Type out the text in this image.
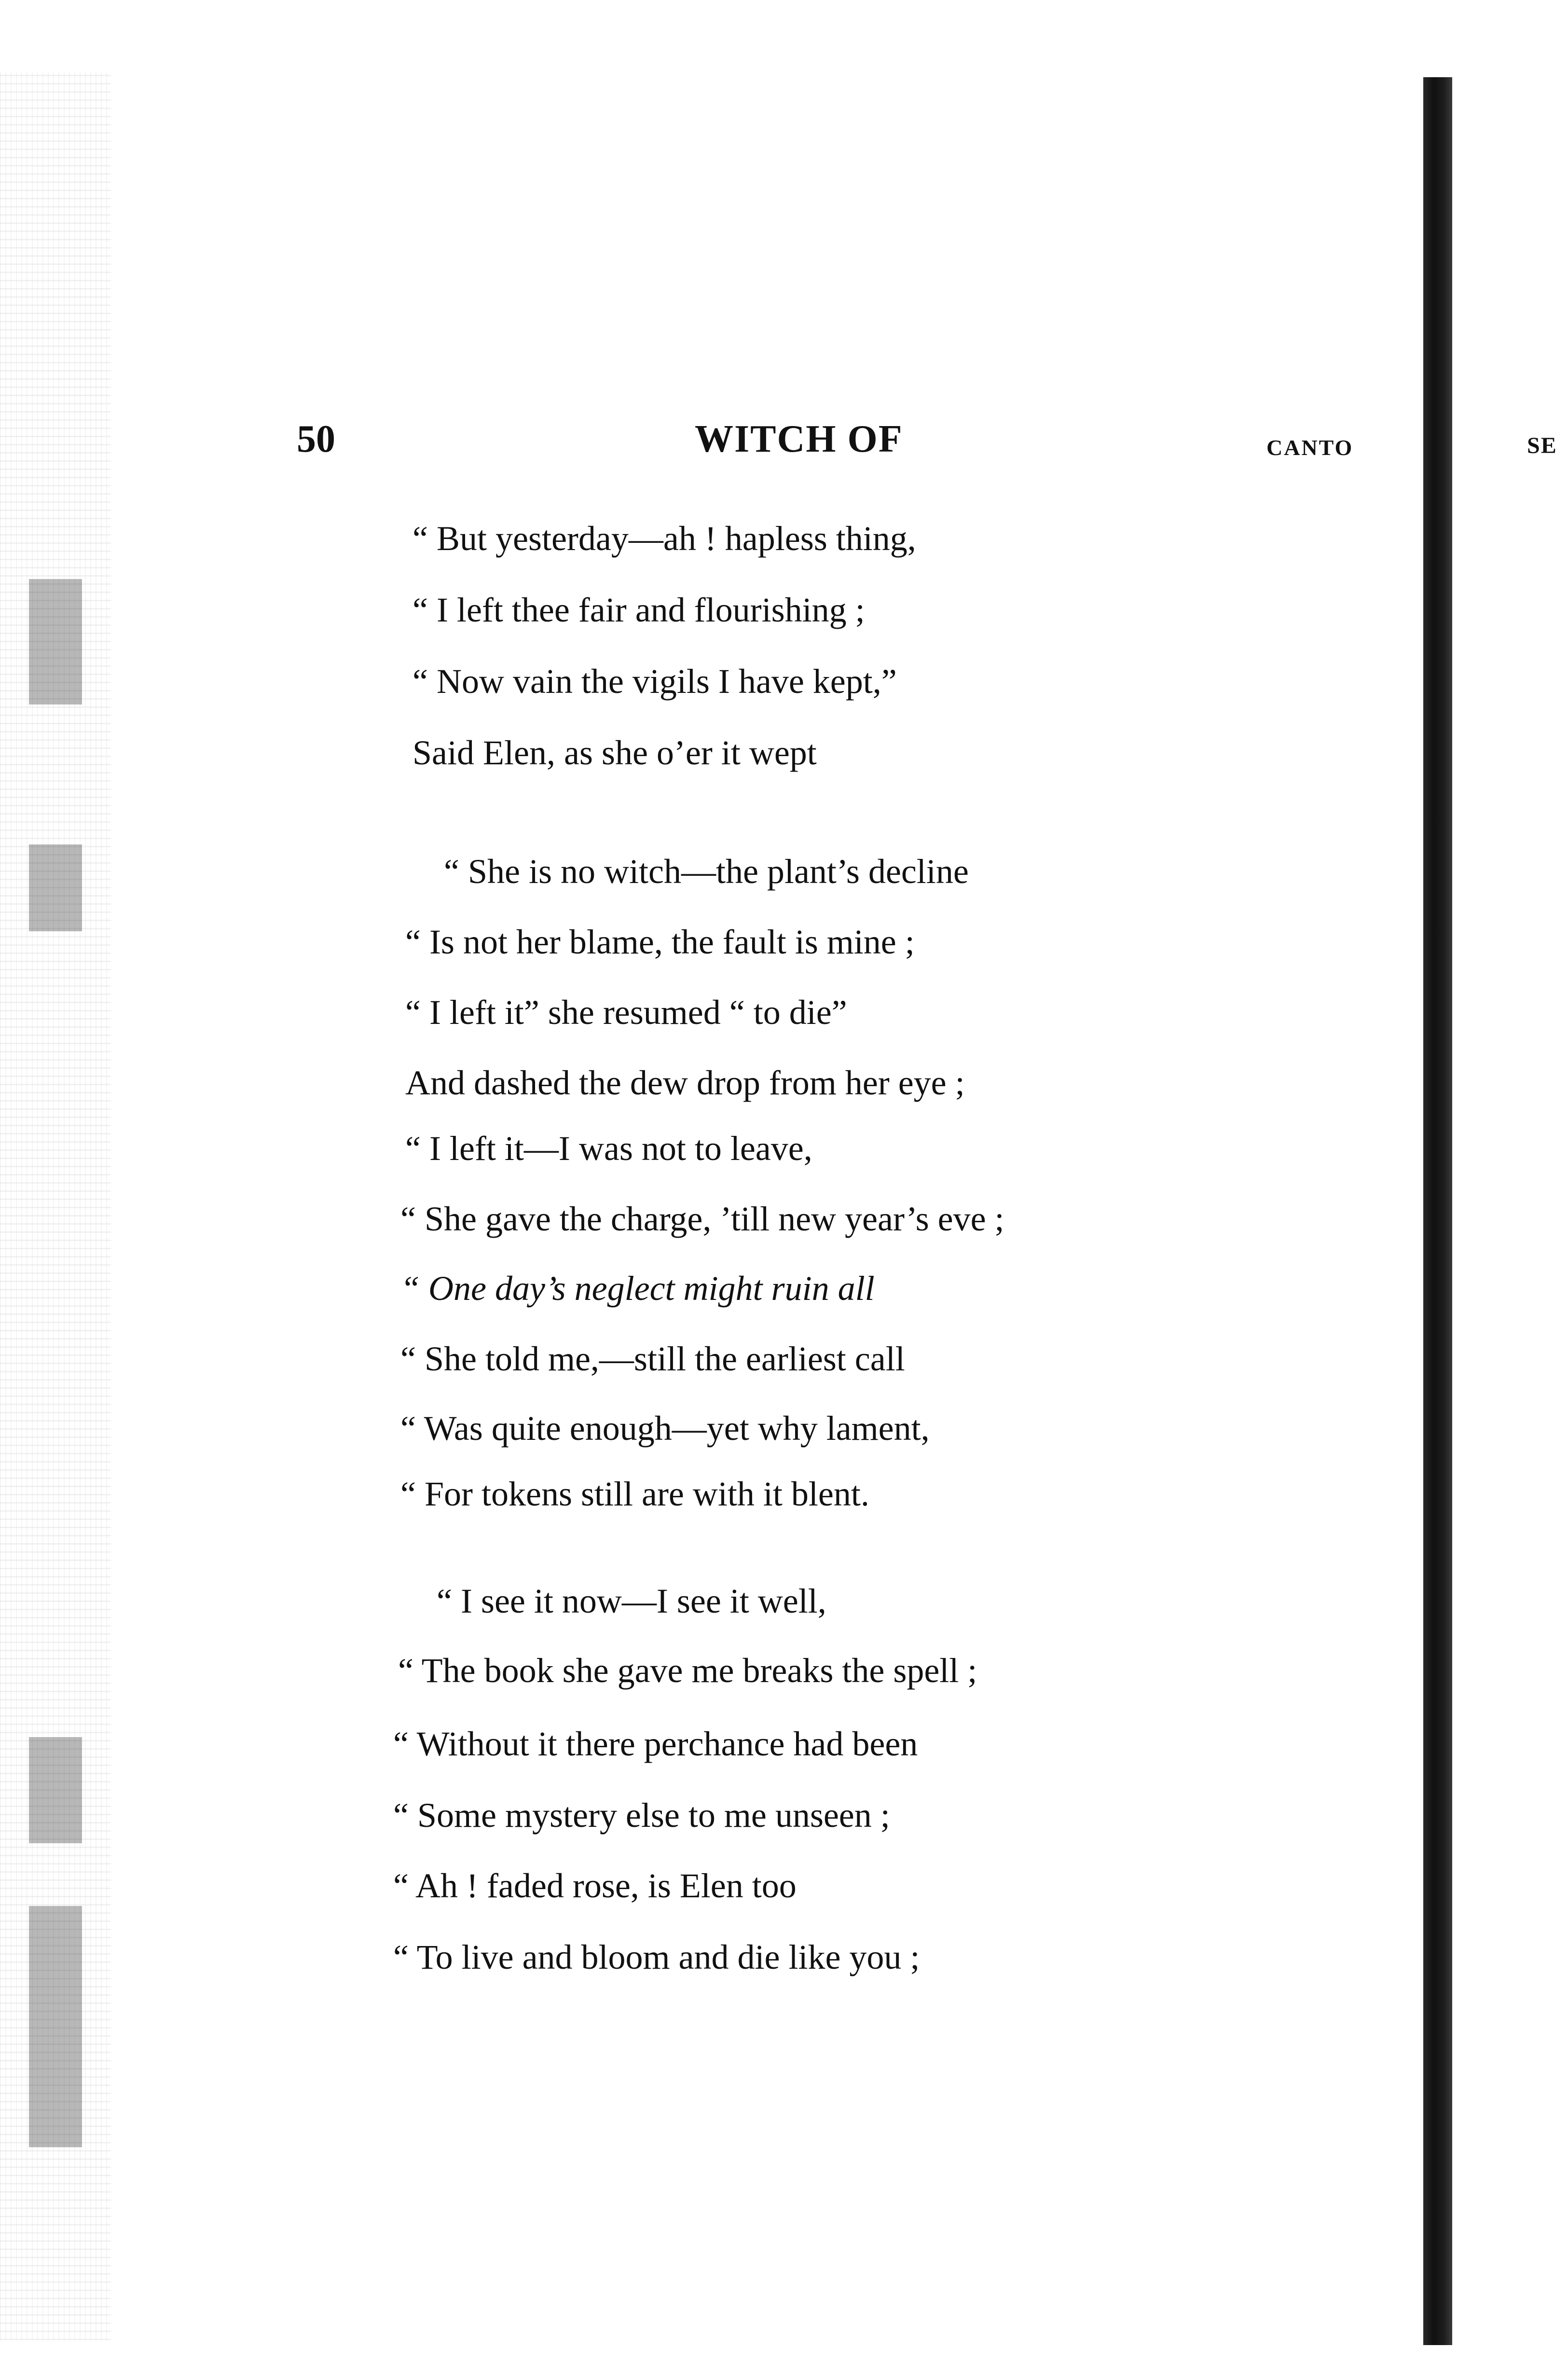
50	WITCH OF	CANTO	SE
“ But yesterday—ah ! hapless thing,
“ I left thee fair and flourishing ;
“ Now vain the vigils I have kept,”
Said Elen, as she o’er it wept
“ She is no witch—the plant’s decline
“ Is not her blame, the fault is mine ;
“ I left it” she resumed “ to die”
And dashed the dew drop from her eye ;
“ I left it—I was not to leave,
“ She gave the charge, ’till new year’s eve ;
“ One day’s neglect might ruin all
“ She told me,—still the earliest call
“ Was quite enough—yet why lament,
“ For tokens still are with it blent.
“ I see it now—I see it well,
“ The book she gave me breaks the spell ;
“ Without it there perchance had been
“ Some mystery else to me unseen ;
“ Ah ! faded rose, is Elen too
“ To live and bloom and die like you ;
